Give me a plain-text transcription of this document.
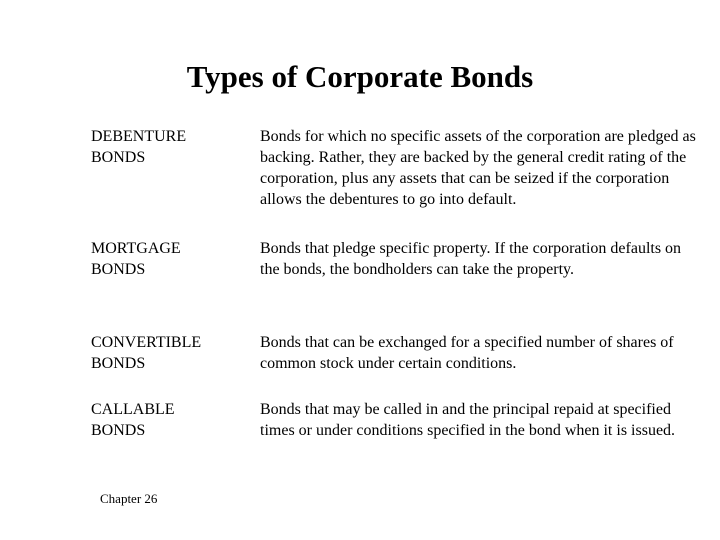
Types of Corporate Bonds
DEBENTURE
BONDS
Bonds for which no specific assets of the corporation are pledged as backing. Rather, they are backed by the general credit rating of the corporation, plus any assets that can be seized if the corporation allows the debentures to go into default.
MORTGAGE
BONDS
Bonds that pledge specific property. If the corporation defaults on the bonds, the bondholders can take the property.
CONVERTIBLE
BONDS
Bonds that can be exchanged for a specified number of shares of common stock under certain conditions.
CALLABLE
BONDS
Bonds that may be called in and the principal repaid at specified times or under conditions specified in the bond when it is issued.
Chapter 26
